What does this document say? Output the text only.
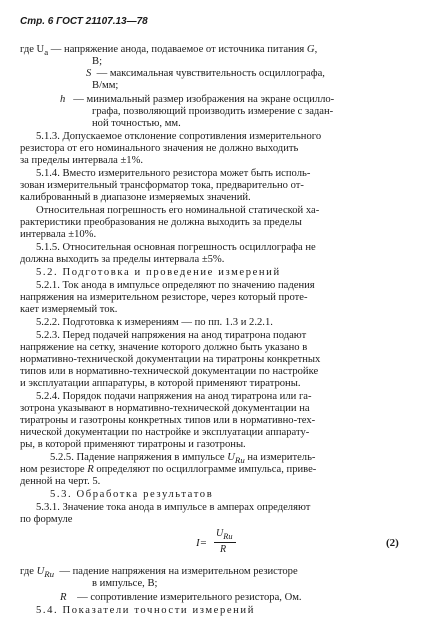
Стр. 6 ГОСТ 21107.13—78
где $U_а$ — напряжение анода, подаваемое от источника питания G,
В;
S  — максимальная чувствительность осциллографа,
В/мм;
h   — минимальный размер изображения на экране осцилло-
графа, позволяющий производить измерение с задан-
ной точностью, мм.
5.1.3. Допускаемое отклонение сопротивления измерительного
резистора от его номинального значения не должно выходить
за пределы интервала ±1%.
5.1.4. Вместо измерительного резистора может быть исполь-
зован измерительный трансформатор тока, предварительно от-
калиброванный в диапазоне измеряемых значений.
Относительная погрешность его номинальной статической ха-
рактеристики преобразования не должна выходить за пределы
интервала ±10%.
5.1.5. Относительная основная погрешность осциллографа не
должна выходить за пределы интервала ±5%.
5.2. Подготовка и проведение измерений
5.2.1. Ток анода в импульсе определяют по значению падения
напряжения на измерительном резисторе, через который протe-
кает измеряемый ток.
5.2.2. Подготовка к измерениям — по пп. 1.3 и 2.2.1.
5.2.3. Перед подачей напряжения на анод тиратрона подают
напряжение на сетку, значение которого должно быть указано в
нормативно-технической документации на тиратроны конкретных
типов или в нормативно-технической документации по настройке
и эксплуатации аппаратуры, в которой применяют тиратроны.
5.2.4. Порядок подачи напряжения на анод тиратрона или га-
зотрона указывают в нормативно-технической документации на
тиратроны и газотроны конкретных типов или в нормативно-тех-
нической документации по настройке и эксплуатации аппарату-
ры, в которой применяют тиратроны и газотроны.
5.2.5. Падение напряжения в импульсе $U_{Rи}$ на измеритель-
ном резисторе R определяют по осциллограмме импульса, приве-
денной на черт. 5.
5.3. Обработка результатов
5.3.1. Значение тока анода в импульсе в амперах определяют
по формуле
I=
$U_{Rи}$
R
(2)
где $U_{Rи}$  — падение напряжения на измерительном резисторе
в импульсе, В;
R    — сопротивление измерительного резистора, Ом.
5.4. Показатели точности измерений
